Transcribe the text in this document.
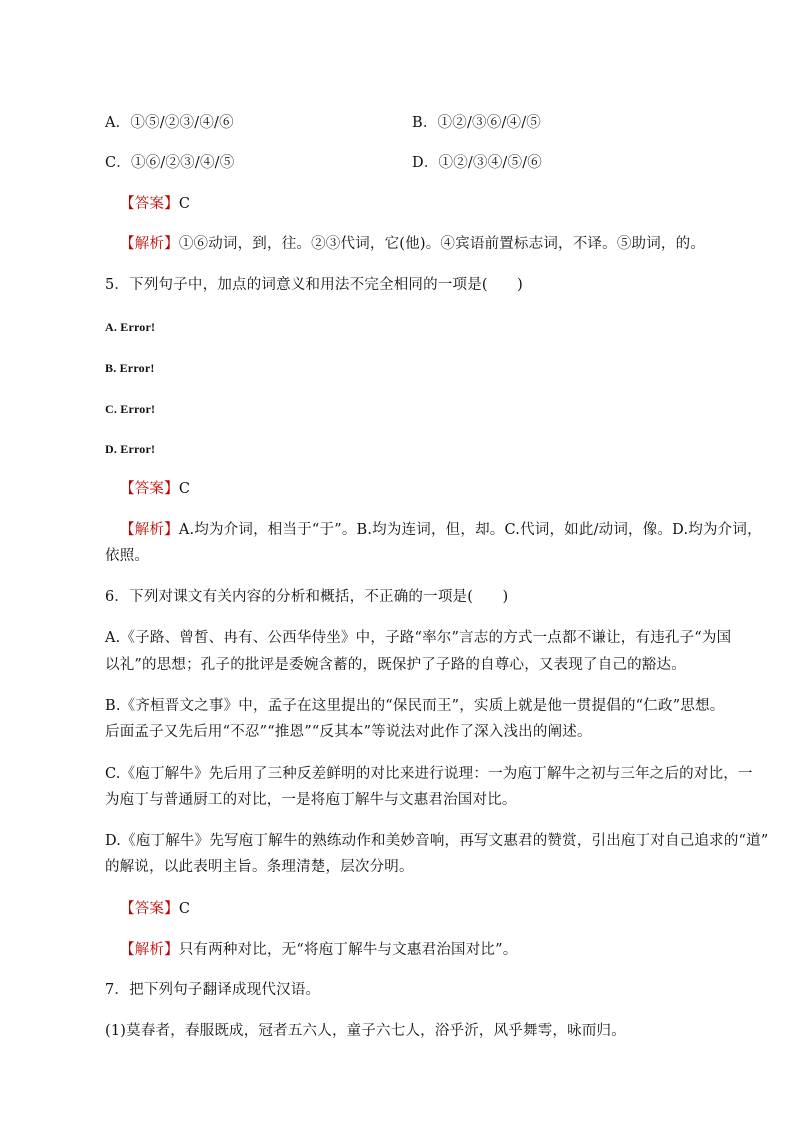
A．①⑤/②③/④/⑥	B．①②/③⑥/④/⑤
C．①⑥/②③/④/⑤	D．①②/③④/⑤/⑥
【答案】C
【解析】①⑥动词，到，往。②③代词，它(他)。④宾语前置标志词，不译。⑤助词，的。
5．下列句子中，加点的词意义和用法不完全相同的一项是(　　)
A. Error!
B. Error!
C. Error!
D. Error!
【答案】C
【解析】A.均为介词，相当于“于”。B.均为连词，但，却。C.代词，如此/动词，像。D.均为介词，
依照。
6．下列对课文有关内容的分析和概括，不正确的一项是(　　)
A.《子路、曾皙、冉有、公西华侍坐》中，子路“率尔”言志的方式一点都不谦让，有违孔子“为国
以礼”的思想；孔子的批评是委婉含蓄的，既保护了子路的自尊心，又表现了自己的豁达。
B.《齐桓晋文之事》中，孟子在这里提出的“保民而王”，实质上就是他一贯提倡的“仁政”思想。
后面孟子又先后用“不忍”“推恩”“反其本”等说法对此作了深入浅出的阐述。
C.《庖丁解牛》先后用了三种反差鲜明的对比来进行说理：一为庖丁解牛之初与三年之后的对比，一
为庖丁与普通厨工的对比，一是将庖丁解牛与文惠君治国对比。
D.《庖丁解牛》先写庖丁解牛的熟练动作和美妙音响，再写文惠君的赞赏，引出庖丁对自己追求的“道”
的解说，以此表明主旨。条理清楚，层次分明。
【答案】C
【解析】只有两种对比，无“将庖丁解牛与文惠君治国对比”。
7．把下列句子翻译成现代汉语。
(1)莫春者，春服既成，冠者五六人，童子六七人，浴乎沂，风乎舞雩，咏而归。
